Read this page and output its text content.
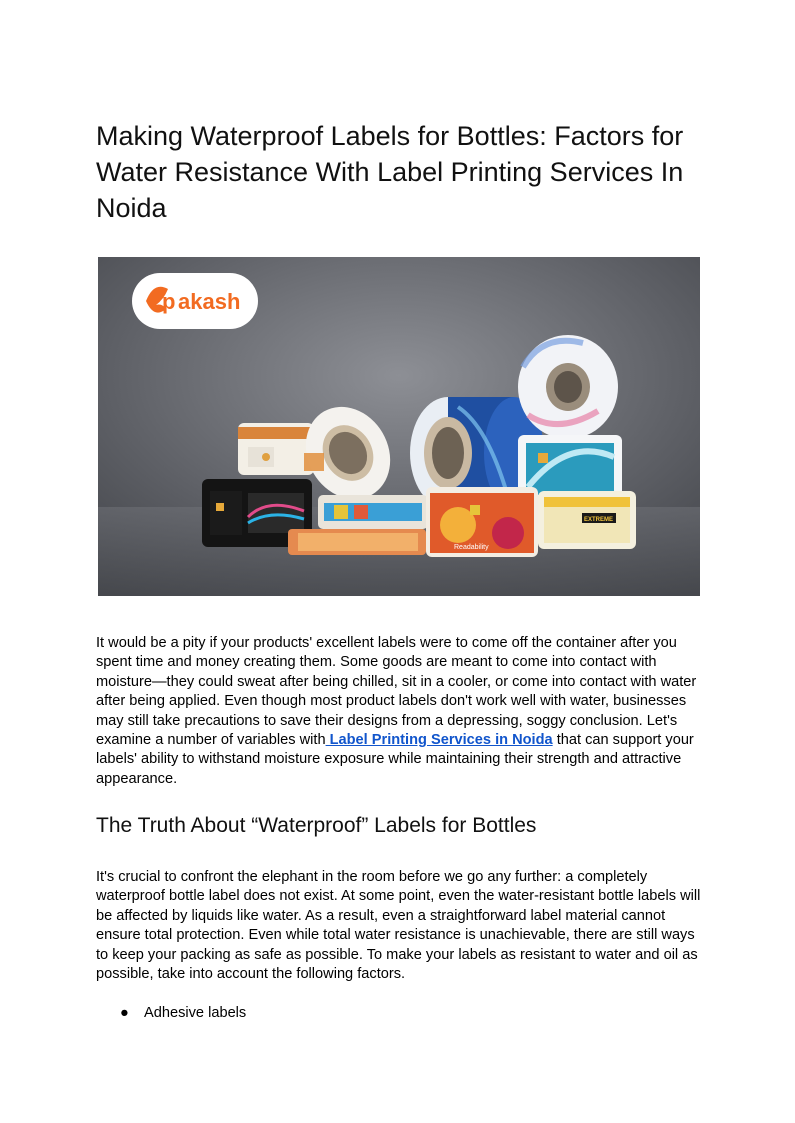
Making Waterproof Labels for Bottles: Factors for Water Resistance With Label Printing Services In Noida
p akash
Readability
EXTREME

It would be a pity if your products' excellent labels were to come off the container after you spent time and money creating them. Some goods are meant to come into contact with moisture—they could sweat after being chilled, sit in a cooler, or come into contact with water after being applied. Even though most product labels don't work well with water, businesses may still take precautions to save their designs from a depressing, soggy conclusion. Let's examine a number of variables with Label Printing Services in Noida that can support your labels' ability to withstand moisture exposure while maintaining their strength and attractive appearance.

The Truth About “Waterproof” Labels for Bottles

It's crucial to confront the elephant in the room before we go any further: a completely waterproof bottle label does not exist. At some point, even the water-resistant bottle labels will be affected by liquids like water. As a result, even a straightforward label material cannot ensure total protection. Even while total water resistance is unachievable, there are still ways to keep your packing as safe as possible. To make your labels as resistant to water and oil as possible, take into account the following factors.

● Adhesive labels
